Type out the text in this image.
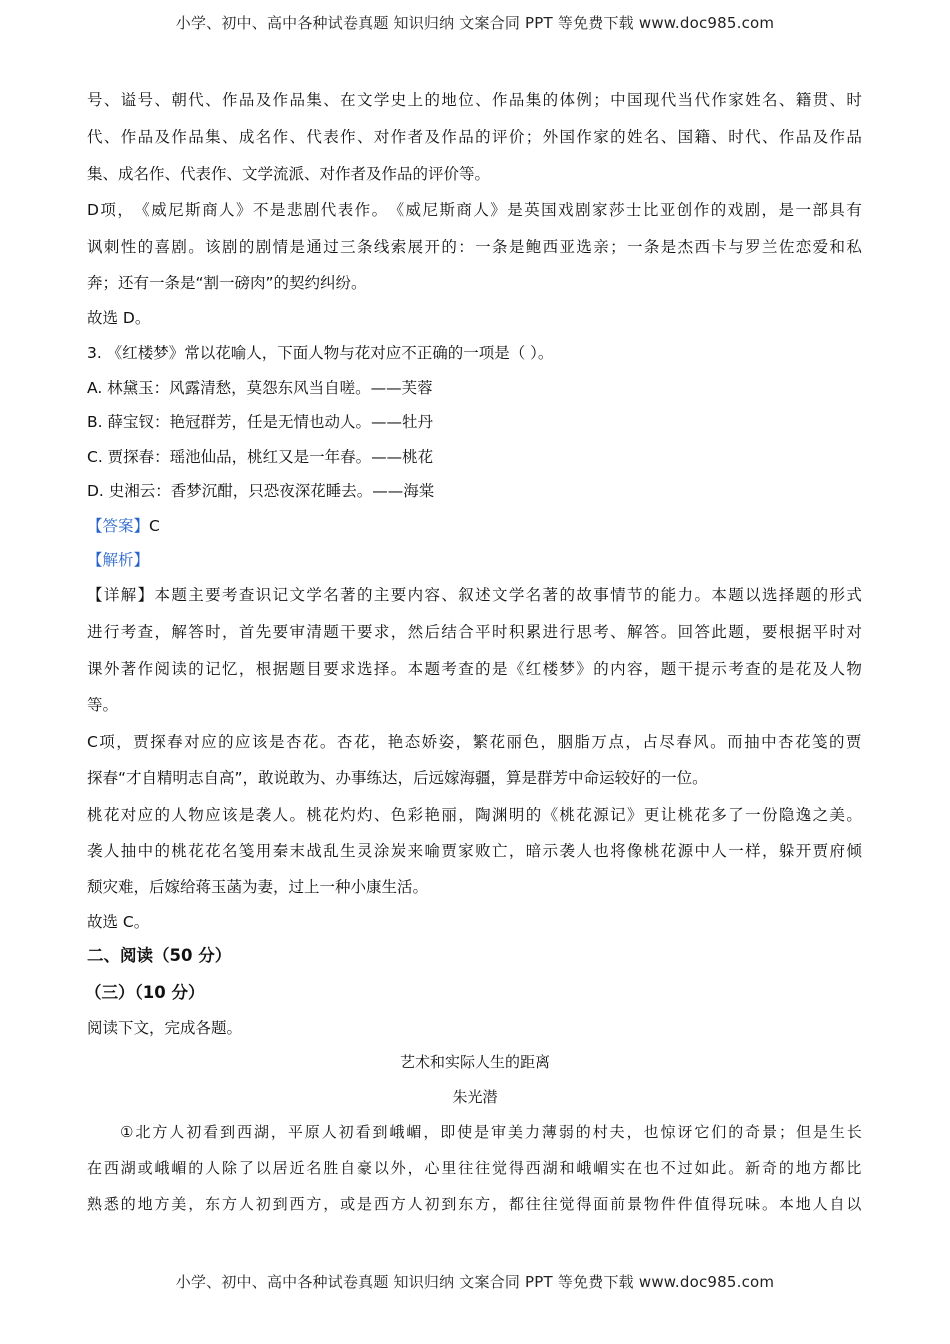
小学、初中、高中各种试卷真题 知识归纳 文案合同 PPT 等免费下载 www.doc985.com
号 、 谥 号 、 朝 代 、 作 品 及 作 品 集 、 在 文 学 史 上 的 地 位 、 作 品 集 的 体 例 ； 中 国 现 代 当 代 作 家 姓 名 、 籍 贯 、 时
代 、 作 品 及 作 品 集 、 成 名 作 、 代 表 作 、 对 作 者 及 作 品 的 评 价 ； 外 国 作 家 的 姓 名 、 国 籍 、 时 代 、 作 品 及 作 品
集、成名作、代表作、文学流派、对作者及作品的评价等。
D 项 ， 《 威 尼 斯 商 人 》 不 是 悲 剧 代 表 作 。 《 威 尼 斯 商 人 》 是 英 国 戏 剧 家 莎 士 比 亚 创 作 的 戏 剧 ， 是 一 部 具 有
讽 刺 性 的 喜 剧 。 该 剧 的 剧 情 是 通 过 三 条 线 索 展 开 的 ： 一 条 是 鲍 西 亚 选 亲 ； 一 条 是 杰 西 卡 与 罗 兰 佐 恋 爱 和 私
奔；还有一条是“割一磅肉”的契约纠纷。
故选 D。
3. 《红楼梦》常以花喻人，下面人物与花对应不正确的一项是（ ）。
A. 林黛玉：风露清愁，莫怨东风当自嗟。——芙蓉
B. 薛宝钗：艳冠群芳，任是无情也动人。——牡丹
C. 贾探春：瑶池仙品，桃红又是一年春。——桃花
D. 史湘云：香梦沉酣，只恐夜深花睡去。——海棠
【答案】C
【解析】
【 详 解 】 本 题 主 要 考 查 识 记 文 学 名 著 的 主 要 内 容 、 叙 述 文 学 名 著 的 故 事 情 节 的 能 力 。 本 题 以 选 择 题 的 形 式
进 行 考 查 ， 解 答 时 ， 首 先 要 审 清 题 干 要 求 ， 然 后 结 合 平 时 积 累 进 行 思 考 、 解 答 。 回 答 此 题 ， 要 根 据 平 时 对
课 外 著 作 阅 读 的 记 忆 ， 根 据 题 目 要 求 选 择 。 本 题 考 查 的 是 《 红 楼 梦 》 的 内 容 ， 题 干 提 示 考 查 的 是 花 及 人 物
等。
C 项 ， 贾 探 春 对 应 的 应 该 是 杏 花 。 杏 花 ， 艳 态 娇 姿 ， 繁 花 丽 色 ， 胭 脂 万 点 ， 占 尽 春 风 。 而 抽 中 杏 花 笺 的 贾
探春“才自精明志自高”，敢说敢为、办事练达，后远嫁海疆，算是群芳中命运较好的一位。
桃 花 对 应 的 人 物 应 该 是 袭 人 。 桃 花 灼 灼 、 色 彩 艳 丽 ， 陶 渊 明 的 《 桃 花 源 记 》 更 让 桃 花 多 了 一 份 隐 逸 之 美 。
袭 人 抽 中 的 桃 花 花 名 笺 用 秦 末 战 乱 生 灵 涂 炭 来 喻 贾 家 败 亡 ， 暗 示 袭 人 也 将 像 桃 花 源 中 人 一 样 ， 躲 开 贾 府 倾
颓灾难，后嫁给蒋玉菡为妻，过上一种小康生活。
故选 C。
二、阅读（50 分）
（三）（10 分）
阅读下文，完成各题。
艺术和实际人生的距离
朱光潜
① 北 方 人 初 看 到 西 湖 ， 平 原 人 初 看 到 峨 嵋 ， 即 使 是 审 美 力 薄 弱 的 村 夫 ， 也 惊 讶 它 们 的 奇 景 ； 但 是 生 长
在 西 湖 或 峨 嵋 的 人 除 了 以 居 近 名 胜 自 豪 以 外 ， 心 里 往 往 觉 得 西 湖 和 峨 嵋 实 在 也 不 过 如 此 。 新 奇 的 地 方 都 比
熟 悉 的 地 方 美 ， 东 方 人 初 到 西 方 ， 或 是 西 方 人 初 到 东 方 ， 都 往 往 觉 得 面 前 景 物 件 件 值 得 玩 味 。 本 地 人 自 以
小学、初中、高中各种试卷真题 知识归纳 文案合同 PPT 等免费下载 www.doc985.com
